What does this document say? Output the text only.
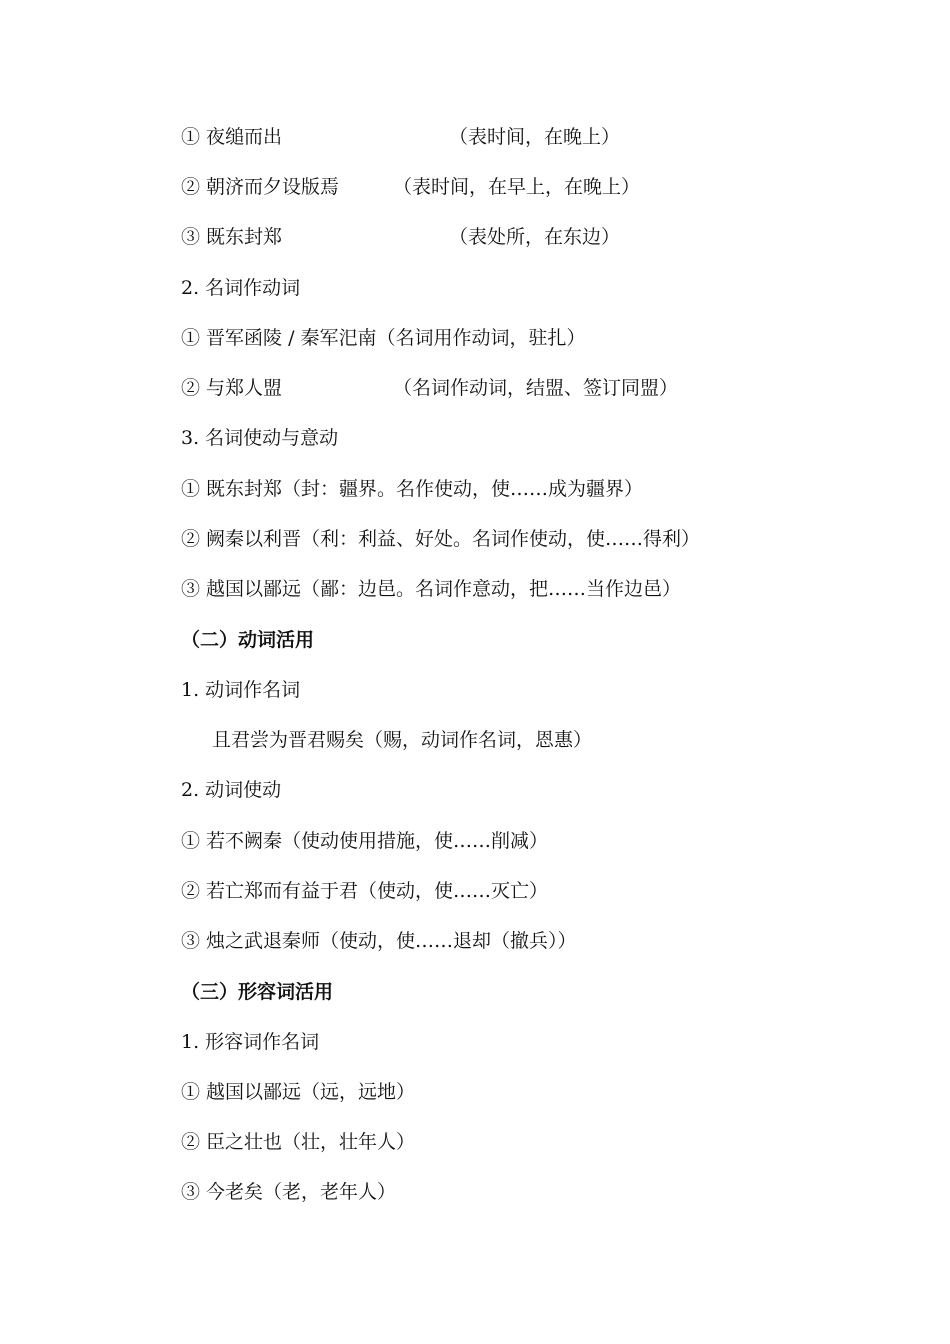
① 夜缒而出	（表时间，在晚上）
② 朝济而夕设版焉	（表时间，在早上，在晚上）
③ 既东封郑	（表处所，在东边）
2. 名词作动词
① 晋军函陵 / 秦军汜南（名词用作动词，驻扎）
② 与郑人盟	（名词作动词，结盟、签订同盟）
3. 名词使动与意动
① 既东封郑（封：疆界。名作使动，使……成为疆界）
② 阙秦以利晋（利：利益、好处。名词作使动，使……得利）
③ 越国以鄙远（鄙：边邑。名词作意动，把……当作边邑）
（二）动词活用
1. 动词作名词
且君尝为晋君赐矣（赐，动词作名词，恩惠）
2. 动词使动
① 若不阙秦（使动使用措施，使……削减）
② 若亡郑而有益于君（使动，使……灭亡）
③ 烛之武退秦师（使动，使……退却（撤兵））
（三）形容词活用
1. 形容词作名词
① 越国以鄙远（远，远地）
② 臣之壮也（壮，壮年人）
③ 今老矣（老，老年人）
